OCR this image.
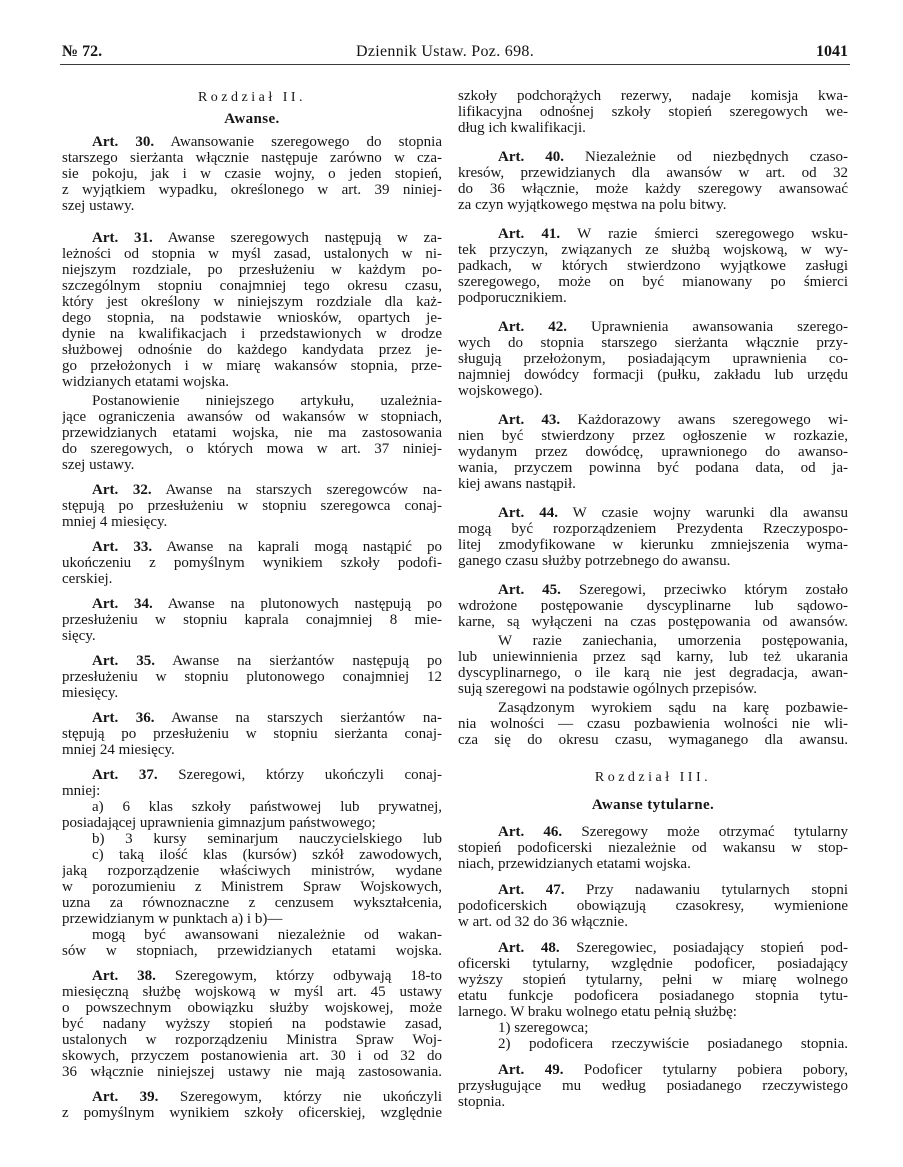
№ 72.	Dziennik Ustaw. Poz. 698.	1041
Rozdział II.
Awanse.
Art. 30. Awansowanie szeregowego do stopnia
starszego sierżanta włącznie następuje zarówno w cza-
sie pokoju, jak i w czasie wojny, o jeden stopień,
z wyjątkiem wypadku, określonego w art. 39 niniej-
szej ustawy.
Art. 31. Awanse szeregowych następują w za-
leżności od stopnia w myśl zasad, ustalonych w ni-
niejszym rozdziale, po przesłużeniu w każdym po-
szczególnym stopniu conajmniej tego okresu czasu,
który jest określony w niniejszym rozdziale dla każ-
dego stopnia, na podstawie wniosków, opartych je-
dynie na kwalifikacjach i przedstawionych w drodze
służbowej odnośnie do każdego kandydata przez je-
go przełożonych i w miarę wakansów stopnia, prze-
widzianych etatami wojska.
Postanowienie niniejszego artykułu, uzależnia-
jące ograniczenia awansów od wakansów w stopniach,
przewidzianych etatami wojska, nie ma zastosowania
do szeregowych, o których mowa w art. 37 niniej-
szej ustawy.
Art. 32. Awanse na starszych szeregowców na-
stępują po przesłużeniu w stopniu szeregowca conaj-
mniej 4 miesięcy.
Art. 33. Awanse na kaprali mogą nastąpić po
ukończeniu z pomyślnym wynikiem szkoły podofi-
cerskiej.
Art. 34. Awanse na plutonowych następują po
przesłużeniu w stopniu kaprala conajmniej 8 mie-
sięcy.
Art. 35. Awanse na sierżantów następują po
przesłużeniu w stopniu plutonowego conajmniej 12
miesięcy.
Art. 36. Awanse na starszych sierżantów na-
stępują po przesłużeniu w stopniu sierżanta conaj-
mniej 24 miesięcy.
Art. 37. Szeregowi, którzy ukończyli conaj-
mniej:
a) 6 klas szkoły państwowej lub prywatnej,
posiadającej uprawnienia gimnazjum państwowego;
b) 3 kursy seminarjum nauczycielskiego lub
c) taką ilość klas (kursów) szkół zawodowych,
jaką rozporządzenie właściwych ministrów, wydane
w porozumieniu z Ministrem Spraw Wojskowych,
uzna za równoznaczne z cenzusem wykształcenia,
przewidzianym w punktach a) i b)—
mogą być awansowani niezależnie od wakan-
sów w stopniach, przewidzianych etatami wojska.
Art. 38. Szeregowym, którzy odbywają 18-to
miesięczną służbę wojskową w myśl art. 45 ustawy
o powszechnym obowiązku służby wojskowej, może
być nadany wyższy stopień na podstawie zasad,
ustalonych w rozporządzeniu Ministra Spraw Woj-
skowych, przyczem postanowienia art. 30 i od 32 do
36 włącznie niniejszej ustawy nie mają zastosowania.
Art. 39. Szeregowym, którzy nie ukończyli
z pomyślnym wynikiem szkoły oficerskiej, względnie
szkoły podchorążych rezerwy, nadaje komisja kwa-
lifikacyjna odnośnej szkoły stopień szeregowych we-
dług ich kwalifikacji.
Art. 40. Niezależnie od niezbędnych czaso-
kresów, przewidzianych dla awansów w art. od 32
do 36 włącznie, może każdy szeregowy awansować
za czyn wyjątkowego męstwa na polu bitwy.
Art. 41. W razie śmierci szeregowego wsku-
tek przyczyn, związanych ze służbą wojskową, w wy-
padkach, w których stwierdzono wyjątkowe zasługi
szeregowego, może on być mianowany po śmierci
podporucznikiem.
Art. 42. Uprawnienia awansowania szerego-
wych do stopnia starszego sierżanta włącznie przy-
sługują przełożonym, posiadającym uprawnienia co-
najmniej dowódcy formacji (pułku, zakładu lub urzędu
wojskowego).
Art. 43. Każdorazowy awans szeregowego wi-
nien być stwierdzony przez ogłoszenie w rozkazie,
wydanym przez dowódcę, uprawnionego do awanso-
wania, przyczem powinna być podana data, od ja-
kiej awans nastąpił.
Art. 44. W czasie wojny warunki dla awansu
mogą być rozporządzeniem Prezydenta Rzeczypospo-
litej zmodyfikowane w kierunku zmniejszenia wyma-
ganego czasu służby potrzebnego do awansu.
Art. 45. Szeregowi, przeciwko którym zostało
wdrożone postępowanie dyscyplinarne lub sądowo-
karne, są wyłączeni na czas postępowania od awansów.
W razie zaniechania, umorzenia postępowania,
lub uniewinnienia przez sąd karny, lub też ukarania
dyscyplinarnego, o ile karą nie jest degradacja, awan-
sują szeregowi na podstawie ogólnych przepisów.
Zasądzonym wyrokiem sądu na karę pozbawie-
nia wolności — czasu pozbawienia wolności nie wli-
cza się do okresu czasu, wymaganego dla awansu.
Rozdział III.
Awanse tytularne.
Art. 46. Szeregowy może otrzymać tytularny
stopień podoficerski niezależnie od wakansu w stop-
niach, przewidzianych etatami wojska.
Art. 47. Przy nadawaniu tytularnych stopni
podoficerskich obowiązują czasokresy, wymienione
w art. od 32 do 36 włącznie.
Art. 48. Szeregowiec, posiadający stopień pod-
oficerski tytularny, względnie podoficer, posiadający
wyższy stopień tytularny, pełni w miarę wolnego
etatu funkcje podoficera posiadanego stopnia tytu-
larnego. W braku wolnego etatu pełnią służbę:
1) szeregowca;
2) podoficera rzeczywiście posiadanego stopnia.
Art. 49. Podoficer tytularny pobiera pobory,
przysługujące mu według posiadanego rzeczywistego
stopnia.
